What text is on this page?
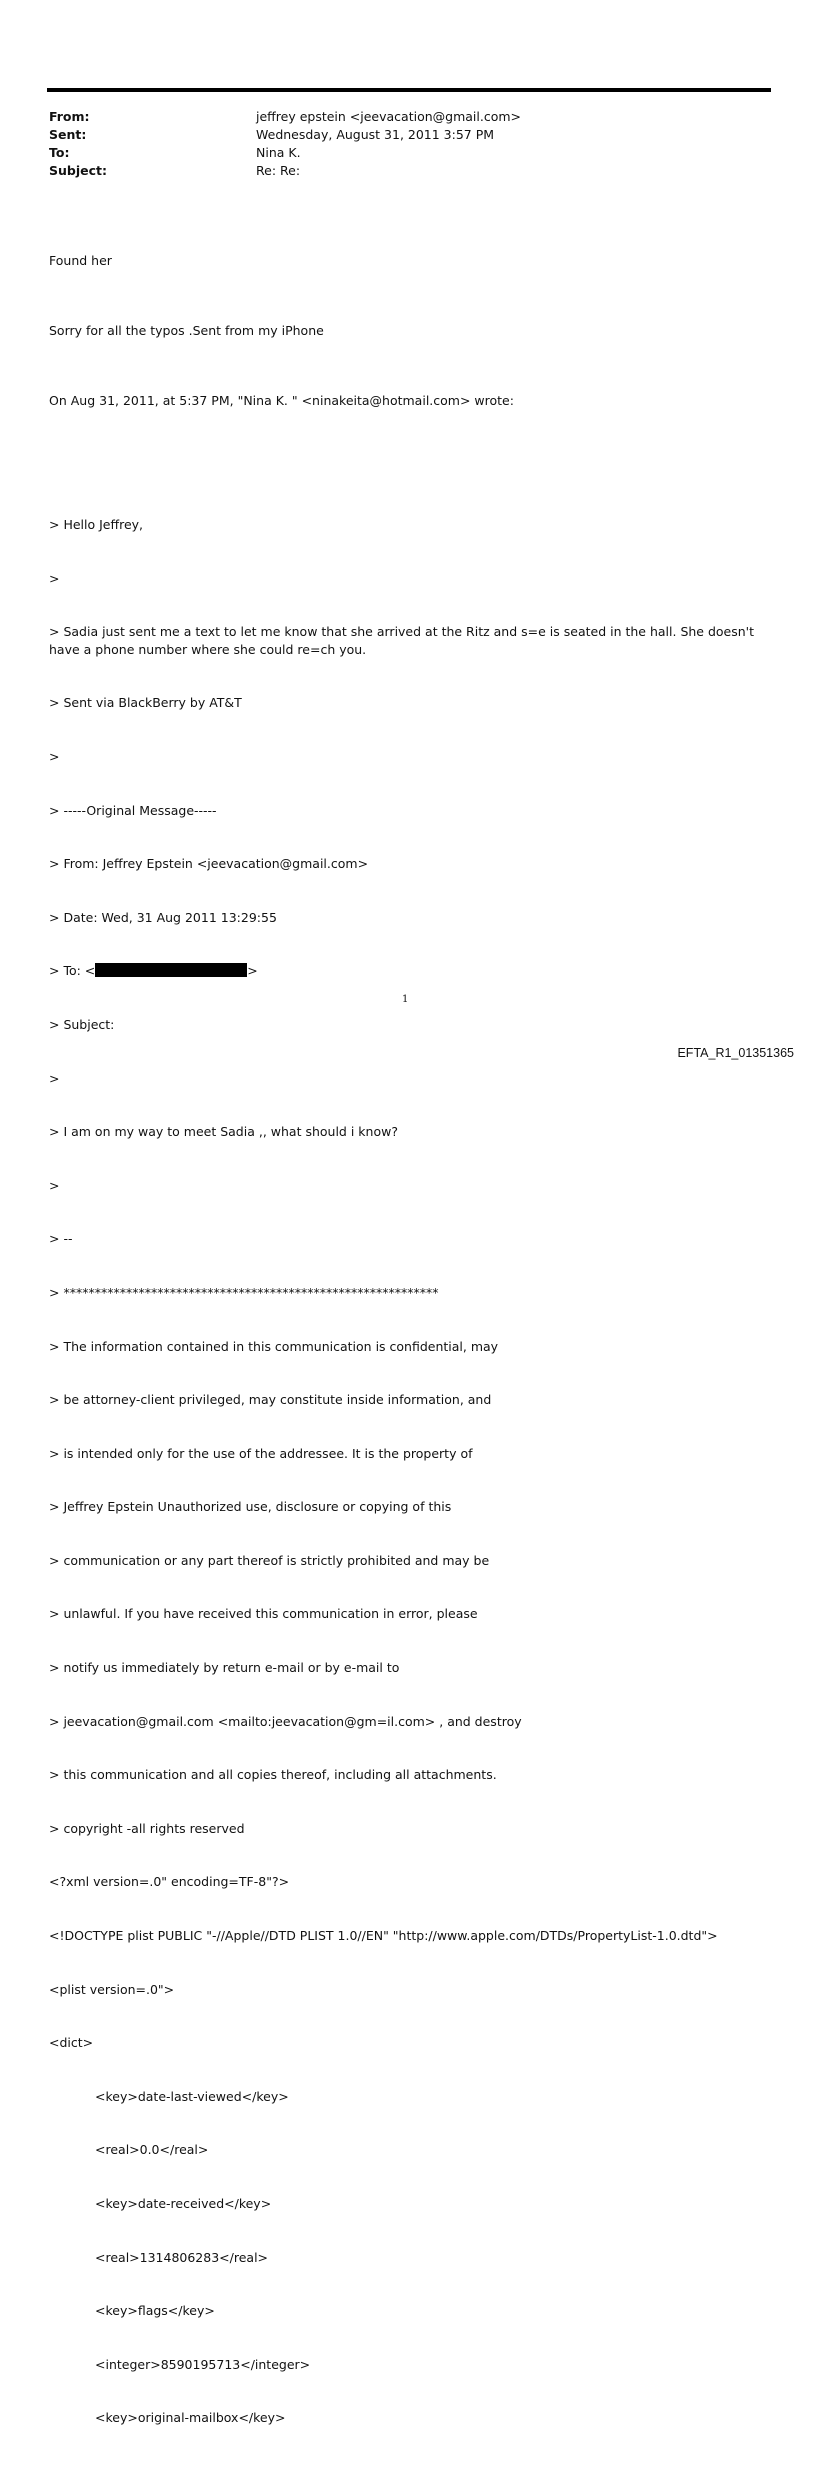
From:	jeffrey epstein <jeevacation@gmail.com>
Sent:	Wednesday, August 31, 2011 3:57 PM
To:	Nina K.
Subject:	Re: Re:

Found her

Sorry for all the typos .Sent from my iPhone

On Aug 31, 2011, at 5:37 PM, "Nina K. " <ninakeita@hotmail.com> wrote:

> Hello Jeffrey,

>

> Sadia just sent me a text to let me know that she arrived at the Ritz and s=e is seated in the hall. She doesn't have a phone number where she could re=ch you.

> Sent via BlackBerry by AT&T

>

> -----Original Message-----

> From: Jeffrey Epstein <jeevacation@gmail.com>

> Date: Wed, 31 Aug 2011 13:29:55

> To: <	>

> Subject:

>

> I am on my way to meet Sadia ,, what should i know?

>

> --

> ************************************************************

> The information contained in this communication is confidential, may

> be attorney-client privileged, may constitute inside information, and

> is intended only for the use of the addressee. It is the property of

> Jeffrey Epstein Unauthorized use, disclosure or copying of this

> communication or any part thereof is strictly prohibited and may be

> unlawful. If you have received this communication in error, please

> notify us immediately by return e-mail or by e-mail to

> jeevacation@gmail.com <mailto:jeevacation@gm=il.com> , and destroy

> this communication and all copies thereof, including all attachments.

> copyright -all rights reserved

<?xml version=.0" encoding=TF-8"?>

<!DOCTYPE plist PUBLIC "-//Apple//DTD PLIST 1.0//EN" "http://www.apple.com/DTDs/PropertyList-1.0.dtd">

<plist version=.0">

<dict>

<key>date-last-viewed</key>

<real>0.0</real>

<key>date-received</key>

<real>1314806283</real>

<key>flags</key>

<integer>8590195713</integer>

<key>original-mailbox</key>

1
EFTA_R1_01351365
